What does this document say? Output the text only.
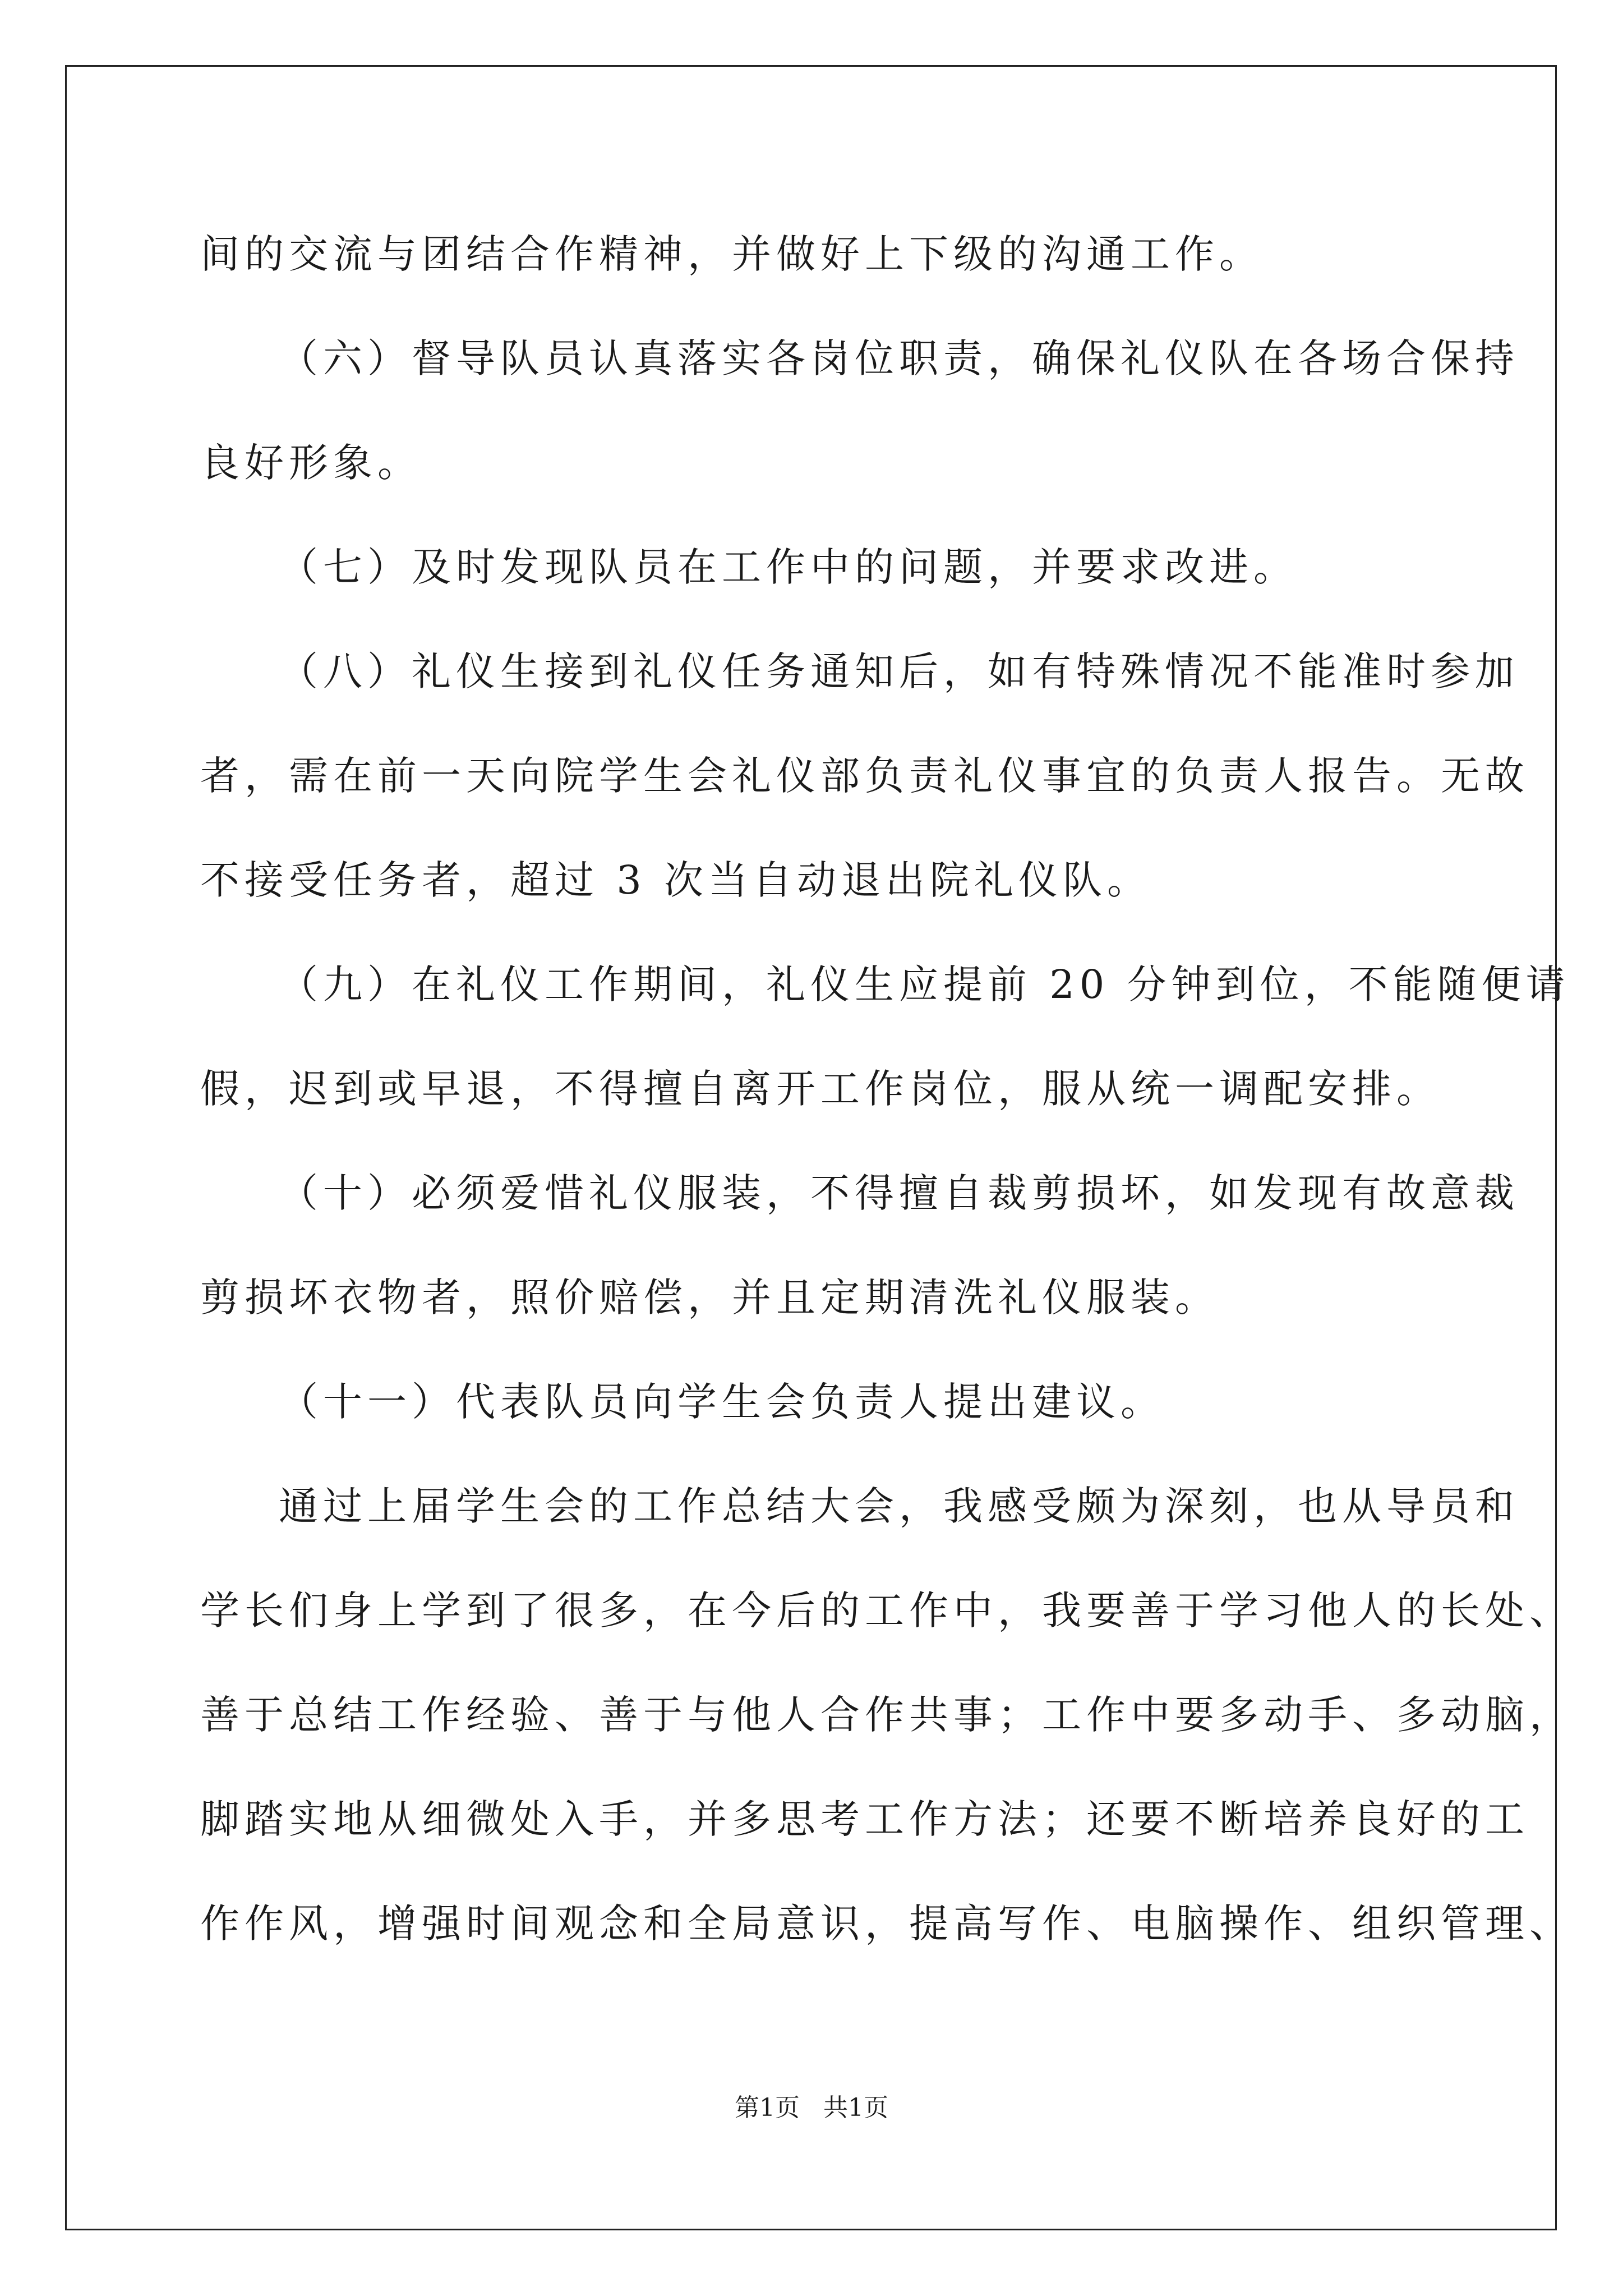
间的交流与团结合作精神，并做好上下级的沟通工作。
（六）督导队员认真落实各岗位职责，确保礼仪队在各场合保持
良好形象。
（七）及时发现队员在工作中的问题，并要求改进。
（八）礼仪生接到礼仪任务通知后，如有特殊情况不能准时参加
者，需在前一天向院学生会礼仪部负责礼仪事宜的负责人报告。无故
不接受任务者，超过 3 次当自动退出院礼仪队。
（九）在礼仪工作期间，礼仪生应提前 20 分钟到位，不能随便请
假，迟到或早退，不得擅自离开工作岗位，服从统一调配安排。
（十）必须爱惜礼仪服装，不得擅自裁剪损坏，如发现有故意裁
剪损坏衣物者，照价赔偿，并且定期清洗礼仪服装。
（十一）代表队员向学生会负责人提出建议。
通过上届学生会的工作总结大会，我感受颇为深刻，也从导员和
学长们身上学到了很多，在今后的工作中，我要善于学习他人的长处、
善于总结工作经验、善于与他人合作共事；工作中要多动手、多动脑，
脚踏实地从细微处入手，并多思考工作方法；还要不断培养良好的工
作作风，增强时间观念和全局意识，提高写作、电脑操作、组织管理、
第1页   共1页
